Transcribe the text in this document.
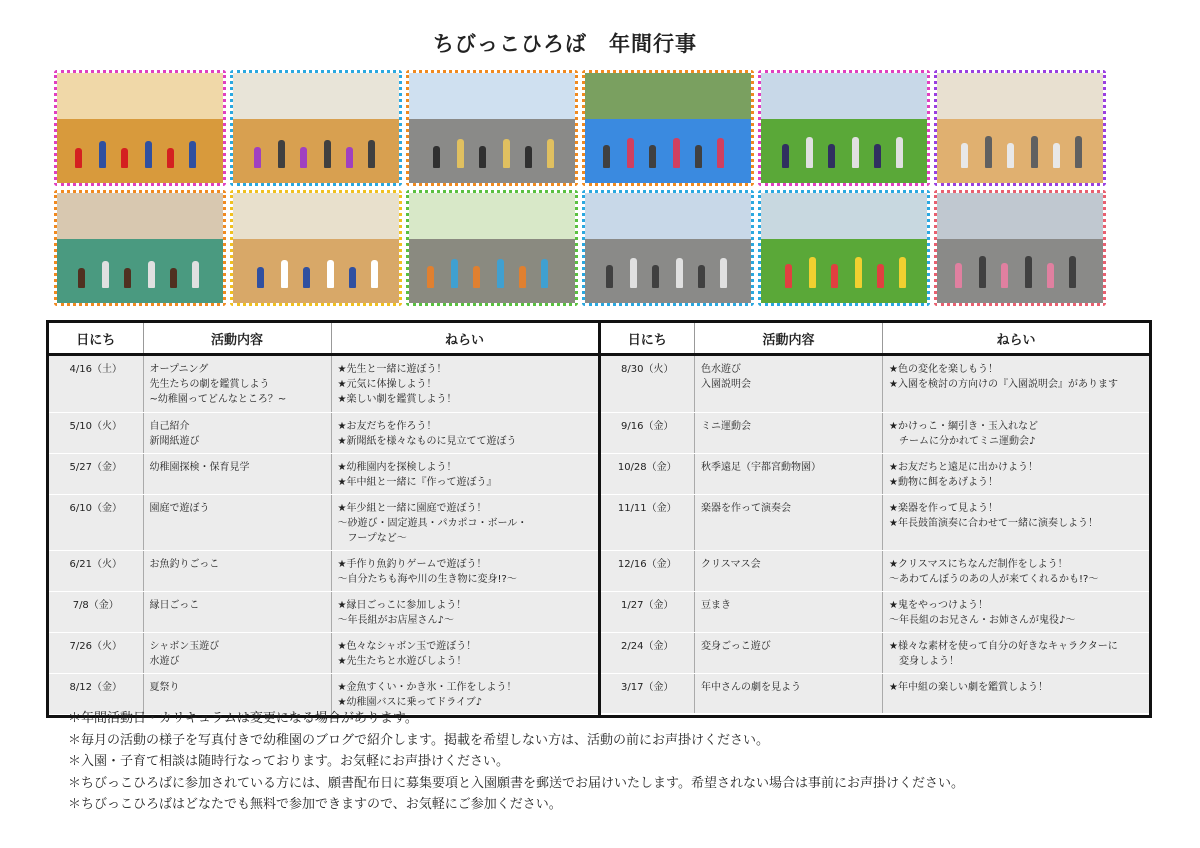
ちびっこひろば　年間行事
日にち	活動内容	ねらい
4/16（土）	オープニング
先生たちの劇を鑑賞しよう
~幼稚園ってどんなところ？~	★先生と一緒に遊ぼう！
★元気に体操しよう！
★楽しい劇を鑑賞しよう！

5/10（火）	自己紹介
新聞紙遊び	★お友だちを作ろう！
★新聞紙を様々なものに見立てて遊ぼう

5/27（金）	幼稚園探検・保育見学	★幼稚園内を探検しよう！
★年中組と一緒に『作って遊ぼう』

6/10（金）	園庭で遊ぼう	★年少組と一緒に園庭で遊ぼう！
～砂遊び・固定遊具・パカポコ・ボール・
　フープなど～

6/21（火）	お魚釣りごっこ	★手作り魚釣りゲームで遊ぼう！
～自分たちも海や川の生き物に変身!?～

7/8（金）	縁日ごっこ	★縁日ごっこに参加しよう！
～年長組がお店屋さん♪～

7/26（火）	シャボン玉遊び
水遊び	★色々なシャボン玉で遊ぼう！
★先生たちと水遊びしよう！

8/12（金）	夏祭り	★金魚すくい・かき氷・工作をしよう！
★幼稚園バスに乗ってドライブ♪
日にち	活動内容	ねらい
8/30（火）	色水遊び
入園説明会	★色の変化を楽しもう！
★入園を検討の方向けの『入園説明会』があります

9/16（金）	ミニ運動会	★かけっこ・綱引き・玉入れなど
　チームに分かれてミニ運動会♪

10/28（金）	秋季遠足（宇都宮動物園）	★お友だちと遠足に出かけよう！
★動物に餌をあげよう！

11/11（金）	楽器を作って演奏会	★楽器を作って見よう！
★年長鼓笛演奏に合わせて一緒に演奏しよう！

12/16（金）	クリスマス会	★クリスマスにちなんだ制作をしよう！
～あわてんぼうのあの人が来てくれるかも!?～

1/27（金）	豆まき	★鬼をやっつけよう！
～年長組のお兄さん・お姉さんが鬼役♪～

2/24（金）	変身ごっこ遊び	★様々な素材を使って自分の好きなキャラクターに
　変身しよう！

3/17（金）	年中さんの劇を見よう	★年中組の楽しい劇を鑑賞しよう！
＊年間活動日・カリキュラムは変更になる場合があります。
＊毎月の活動の様子を写真付きで幼稚園のブログで紹介します。掲載を希望しない方は、活動の前にお声掛けください。
＊入園・子育て相談は随時行なっております。お気軽にお声掛けください。
＊ちびっこひろばに参加されている方には、願書配布日に募集要項と入園願書を郵送でお届けいたします。希望されない場合は事前にお声掛けください。
＊ちびっこひろばはどなたでも無料で参加できますので、お気軽にご参加ください。
